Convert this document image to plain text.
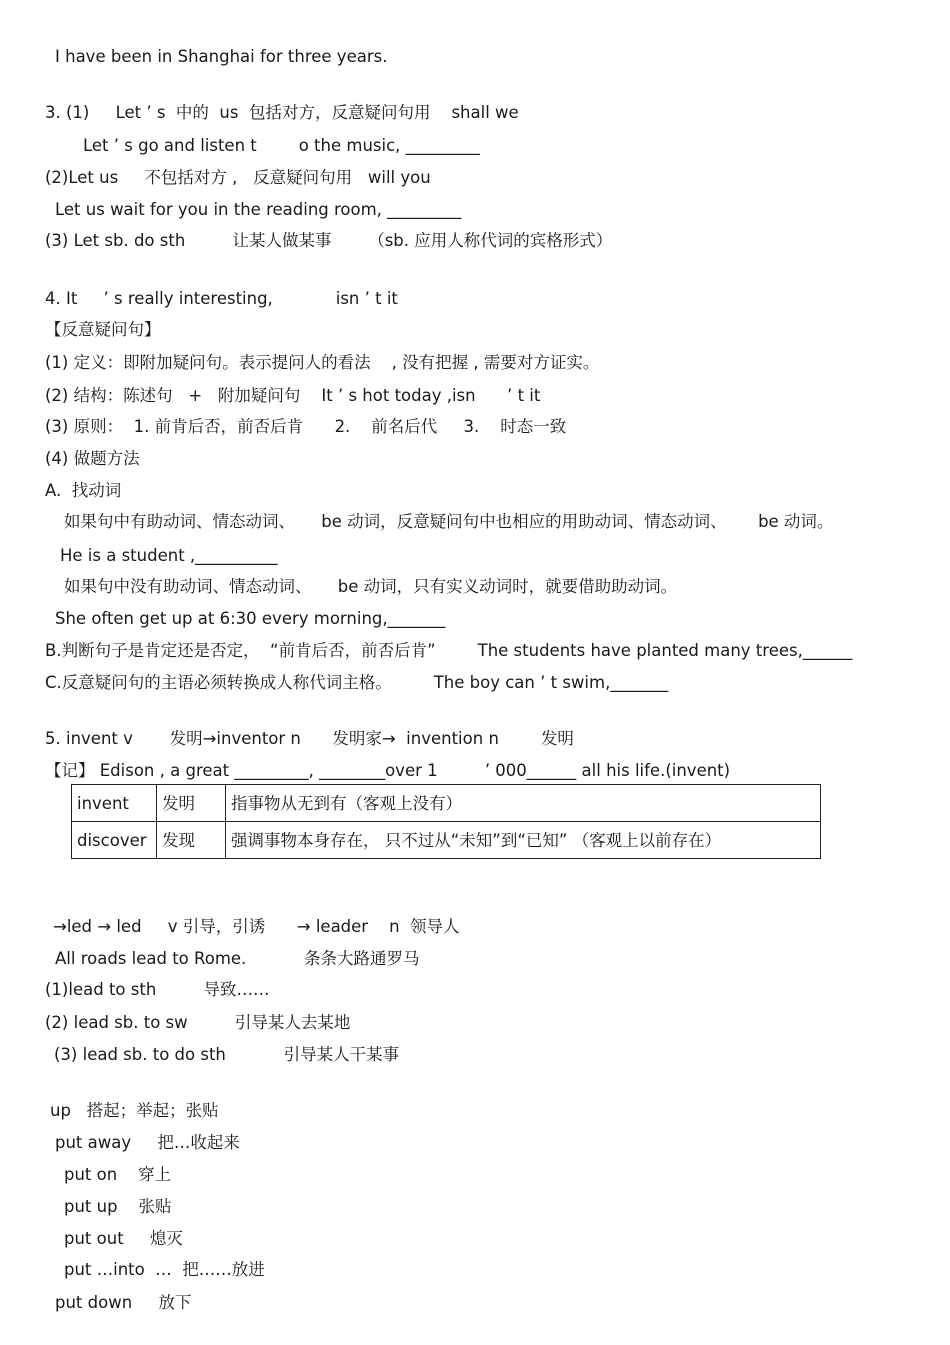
I have been in Shanghai for three years.
3. (1)     Let ’ s  中的  us  包括对方，反意疑问句用    shall we
Let ’ s go and listen t        o the music, _________
(2)Let us     不包括对方 ,   反意疑问句用   will you
Let us wait for you in the reading room, _________
(3) Let sb. do sth         让某人做某事       （sb. 应用人称代词的宾格形式）
4. It     ’ s really interesting,            isn ’ t it
【反意疑问句】
(1) 定义：即附加疑问句。表示提问人的看法    , 没有把握 , 需要对方证实。
(2) 结构：陈述句   +   附加疑问句    It ’ s hot today ,isn      ’ t it
(3) 原则：  1. 前肯后否，前否后肯      2.    前名后代     3.    时态一致
(4) 做题方法
A.  找动词
如果句中有助动词、情态动词、     be 动词，反意疑问句中也相应的用助动词、情态动词、      be 动词。
He is a student ,__________
如果句中没有助动词、情态动词、     be 动词，只有实义动词时，就要借助助动词。
She often get up at 6:30 every morning,_______
B.判断句子是肯定还是否定，  “前肯后否，前否后肯”        The students have planted many trees,______
C.反意疑问句的主语必须转换成人称代词主格。        The boy can ’ t swim,_______
5. invent v       发明→inventor n      发明家→  invention n        发明
【记】 Edison , a great _________, ________over 1         ’ 000______ all his life.(invent)
invent	发明	指事物从无到有（客观上没有）
discover	发现	强调事物本身存在， 只不过从“未知”到“已知” （客观上以前存在）
→led → led     v 引导，引诱      → leader    n  领导人
All roads lead to Rome.           条条大路通罗马
(1)lead to sth         导致……
(2) lead sb. to sw         引导某人去某地
(3) lead sb. to do sth           引导某人干某事
up   搭起；举起；张贴
put away     把…收起来
put on    穿上
put up    张贴
put out     熄灭
put …into  …  把……放进
put down     放下
